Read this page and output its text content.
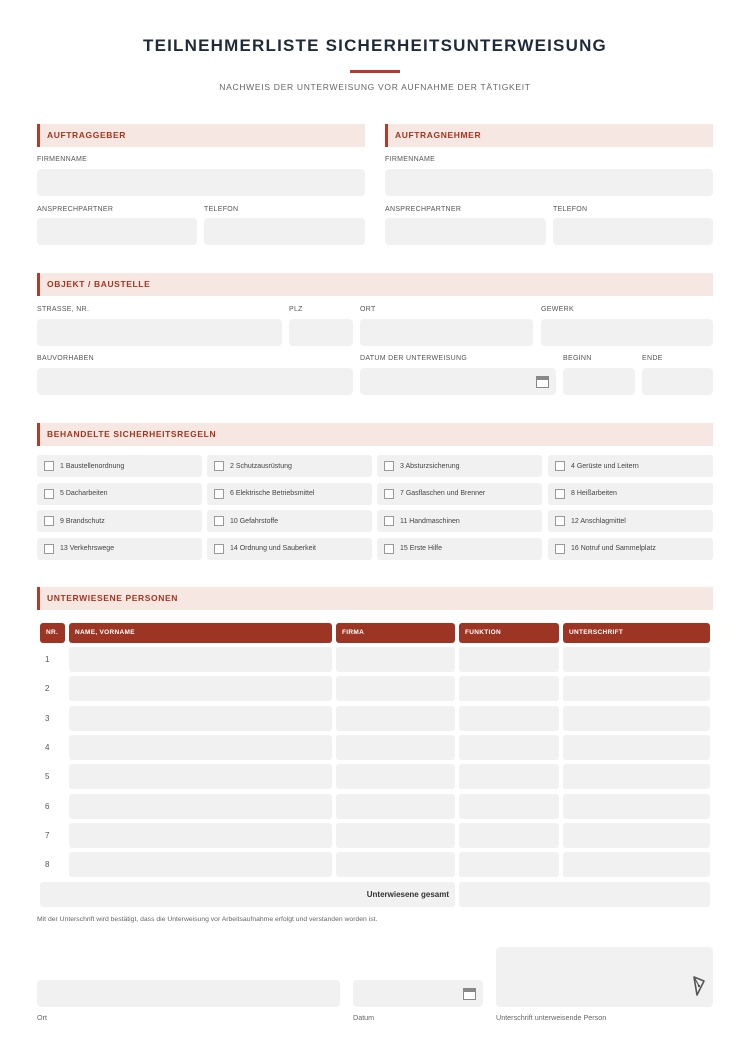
TEILNEHMERLISTE SICHERHEITSUNTERWEISUNG
NACHWEIS DER UNTERWEISUNG VOR AUFNAHME DER TÄTIGKEIT
AUFTRAGGEBER
FIRMENNAME
ANSPRECHPARTNER	TELEFON
AUFTRAGNEHMER
FIRMENNAME
ANSPRECHPARTNER	TELEFON
OBJEKT / BAUSTELLE
STRASSE, NR.	PLZ	ORT	GEWERK
BAUVORHABEN	DATUM DER UNTERWEISUNG	BEGINN	ENDE
BEHANDELTE SICHERHEITSREGELN
1 Baustellenordnung	2 Schutzausrüstung	3 Absturzsicherung	4 Gerüste und Leitern
5 Dacharbeiten	6 Elektrische Betriebsmittel	7 Gasflaschen und Brenner	8 Heißarbeiten
9 Brandschutz	10 Gefahrstoffe	11 Handmaschinen	12 Anschlagmittel
13 Verkehrswege	14 Ordnung und Sauberkeit	15 Erste Hilfe	16 Notruf und Sammelplatz
UNTERWIESENE PERSONEN
NR.	NAME, VORNAME	FIRMA	FUNKTION	UNTERSCHRIFT
1
2
3
4
5
6
7
8
Unterwiesene gesamt
Mit der Unterschrift wird bestätigt, dass die Unterweisung vor Arbeitsaufnahme erfolgt und verstanden worden ist.
Ort	Datum	Unterschrift unterweisende Person
